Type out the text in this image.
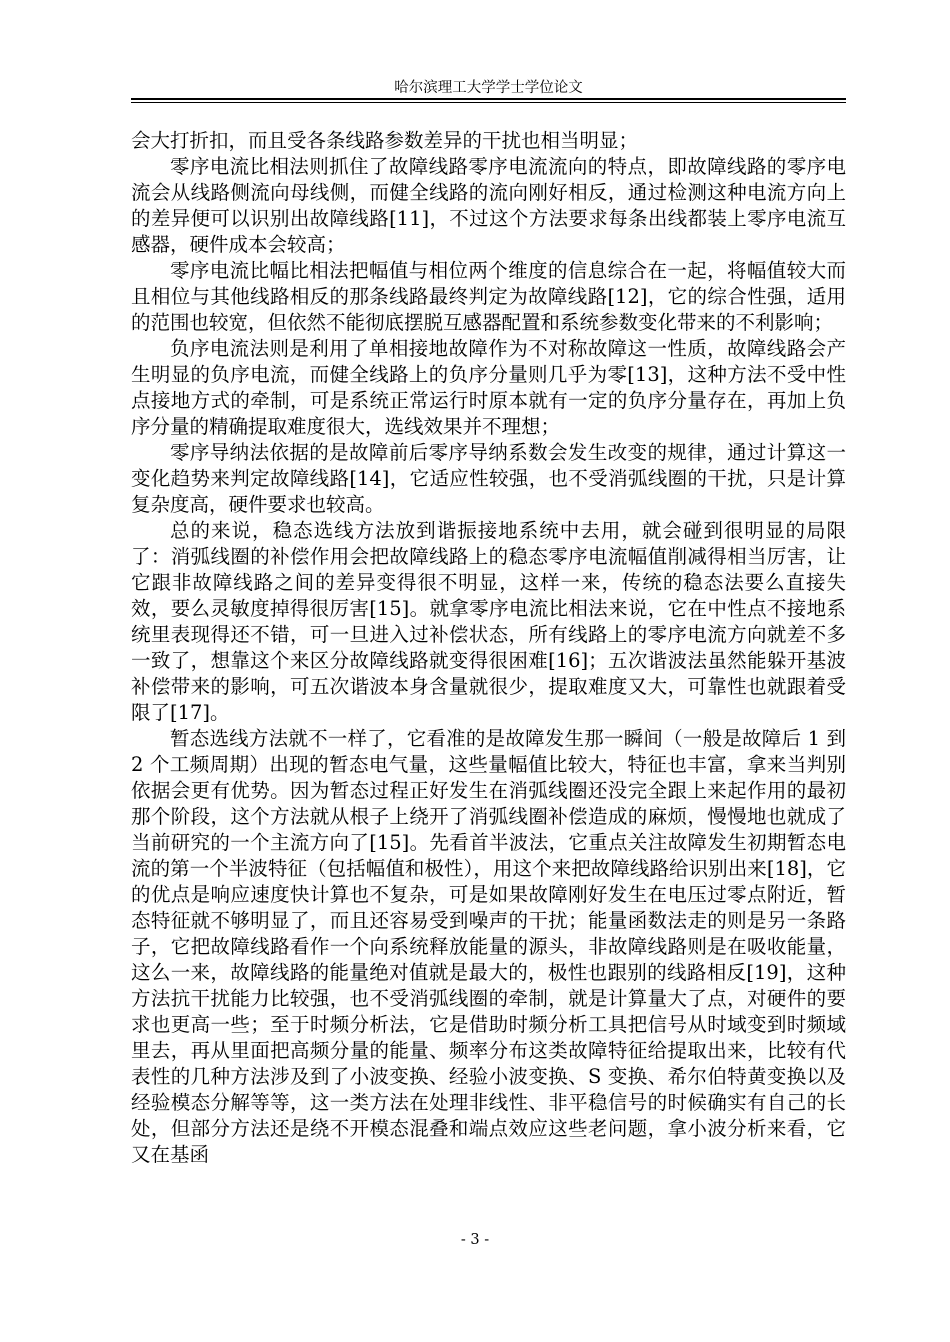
哈尔滨理工大学学士学位论文

会大打折扣，而且受各条线路参数差异的干扰也相当明显；

零序电流比相法则抓住了故障线路零序电流流向的特点，即故障线路的零序电流会从线路侧流向母线侧，而健全线路的流向刚好相反，通过检测这种电流方向上的差异便可以识别出故障线路[11]，不过这个方法要求每条出线都装上零序电流互感器，硬件成本会较高；

零序电流比幅比相法把幅值与相位两个维度的信息综合在一起，将幅值较大而且相位与其他线路相反的那条线路最终判定为故障线路[12]，它的综合性强，适用的范围也较宽，但依然不能彻底摆脱互感器配置和系统参数变化带来的不利影响；

负序电流法则是利用了单相接地故障作为不对称故障这一性质，故障线路会产生明显的负序电流，而健全线路上的负序分量则几乎为零[13]，这种方法不受中性点接地方式的牵制，可是系统正常运行时原本就有一定的负序分量存在，再加上负序分量的精确提取难度很大，选线效果并不理想；

零序导纳法依据的是故障前后零序导纳系数会发生改变的规律，通过计算这一变化趋势来判定故障线路[14]，它适应性较强，也不受消弧线圈的干扰，只是计算复杂度高，硬件要求也较高。

总的来说，稳态选线方法放到谐振接地系统中去用，就会碰到很明显的局限了：消弧线圈的补偿作用会把故障线路上的稳态零序电流幅值削减得相当厉害，让它跟非故障线路之间的差异变得很不明显，这样一来，传统的稳态法要么直接失效，要么灵敏度掉得很厉害[15]。就拿零序电流比相法来说，它在中性点不接地系统里表现得还不错，可一旦进入过补偿状态，所有线路上的零序电流方向就差不多一致了，想靠这个来区分故障线路就变得很困难[16]；五次谐波法虽然能躲开基波补偿带来的影响，可五次谐波本身含量就很少，提取难度又大，可靠性也就跟着受限了[17]。

暂态选线方法就不一样了，它看准的是故障发生那一瞬间（一般是故障后 1 到 2 个工频周期）出现的暂态电气量，这些量幅值比较大，特征也丰富，拿来当判别依据会更有优势。因为暂态过程正好发生在消弧线圈还没完全跟上来起作用的最初那个阶段，这个方法就从根子上绕开了消弧线圈补偿造成的麻烦，慢慢地也就成了当前研究的一个主流方向了[15]。先看首半波法，它重点关注故障发生初期暂态电流的第一个半波特征（包括幅值和极性），用这个来把故障线路给识别出来[18]，它的优点是响应速度快计算也不复杂，可是如果故障刚好发生在电压过零点附近，暂态特征就不够明显了，而且还容易受到噪声的干扰；能量函数法走的则是另一条路子，它把故障线路看作一个向系统释放能量的源头，非故障线路则是在吸收能量，这么一来，故障线路的能量绝对值就是最大的，极性也跟别的线路相反[19]，这种方法抗干扰能力比较强，也不受消弧线圈的牵制，就是计算量大了点，对硬件的要求也更高一些；至于时频分析法，它是借助时频分析工具把信号从时域变到时频域里去，再从里面把高频分量的能量、频率分布这类故障特征给提取出来，比较有代表性的几种方法涉及到了小波变换、经验小波变换、S 变换、希尔伯特黄变换以及经验模态分解等等，这一类方法在处理非线性、非平稳信号的时候确实有自己的长处，但部分方法还是绕不开模态混叠和端点效应这些老问题，拿小波分析来看，它又在基函

- 3 -
